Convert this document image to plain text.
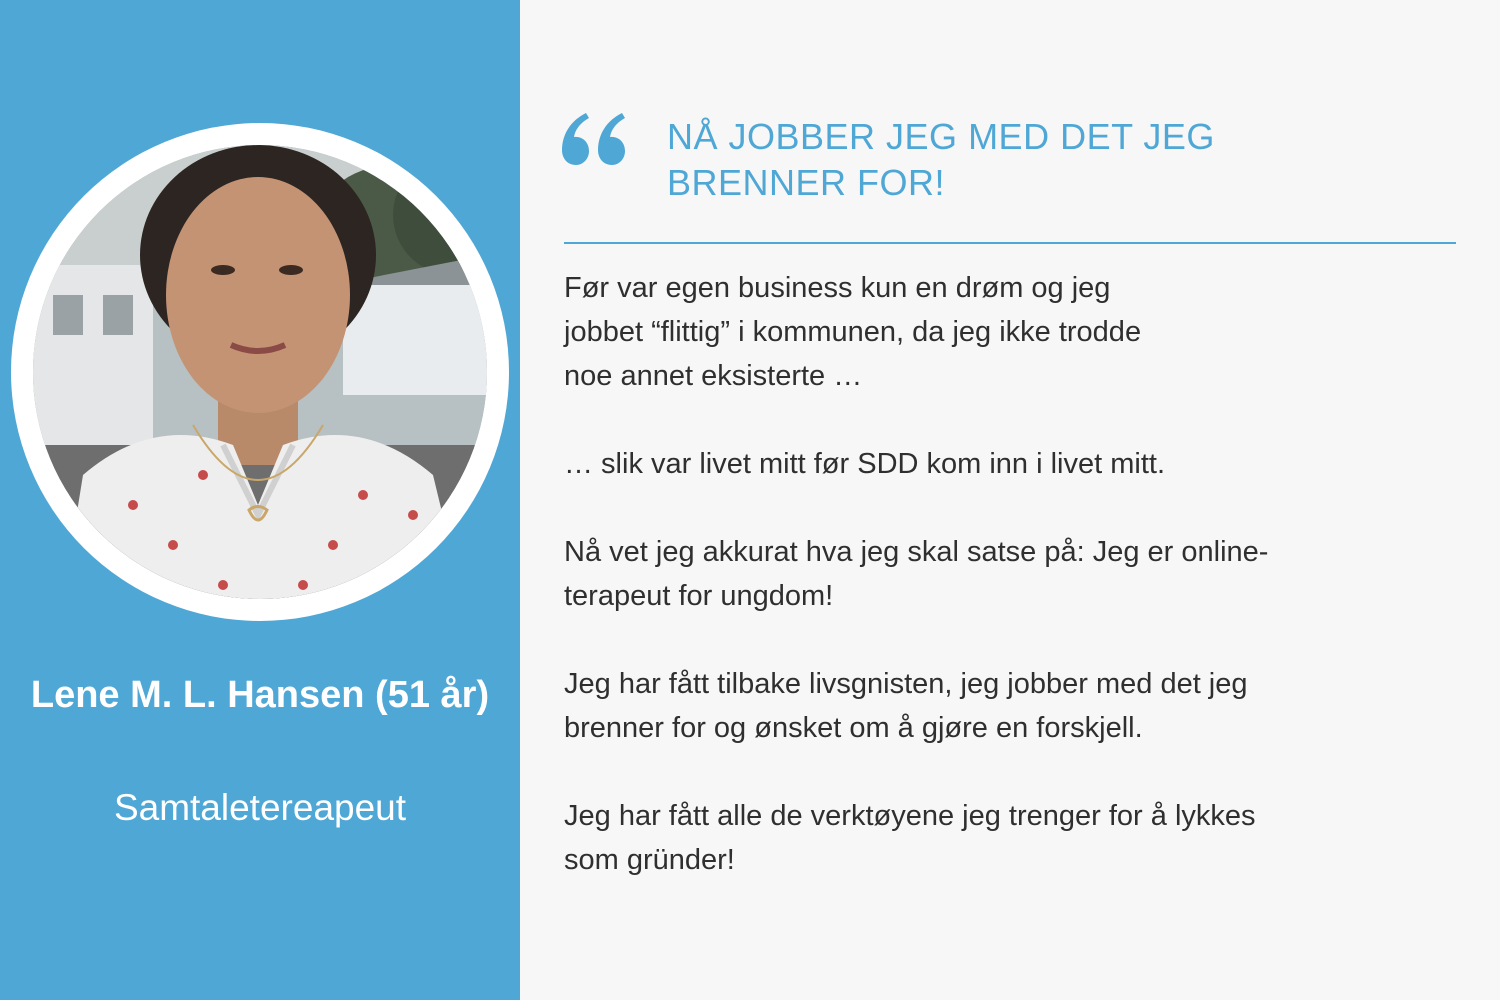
Lene M. L. Hansen (51 år)
Samtaletereapeut
NÅ JOBBER JEG MED DET JEG BRENNER FOR!

Før var egen business kun en drøm og jeg
jobbet “flittig” i kommunen, da jeg ikke trodde
noe annet eksisterte …

… slik var livet mitt før SDD kom inn i livet mitt.

Nå vet jeg akkurat hva jeg skal satse på: Jeg er online-
terapeut for ungdom!

Jeg har fått tilbake livsgnisten, jeg jobber med det jeg
brenner for og ønsket om å gjøre en forskjell.

Jeg har fått alle de verktøyene jeg trenger for å lykkes
som gründer!
